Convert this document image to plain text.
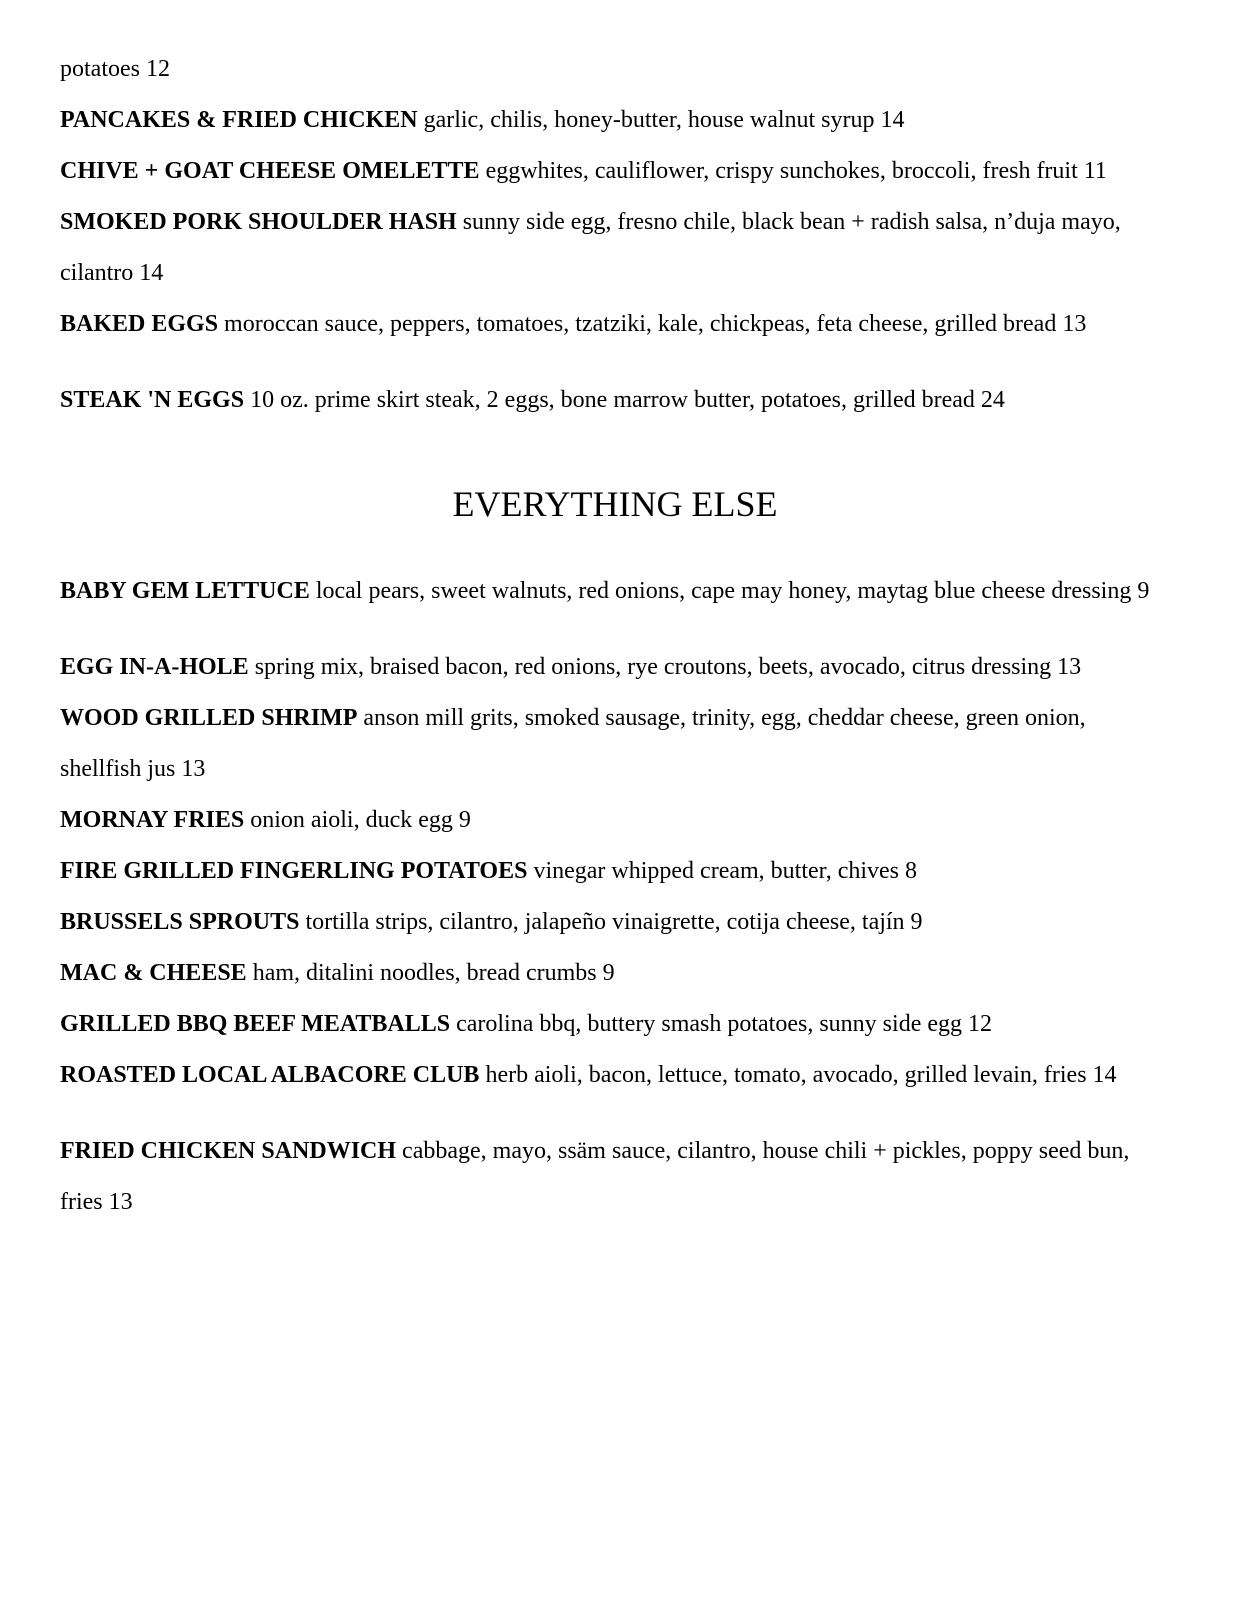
potatoes 12

PANCAKES & FRIED CHICKEN garlic, chilis, honey-butter, house walnut syrup 14

CHIVE + GOAT CHEESE OMELETTE eggwhites, cauliflower, crispy sunchokes, broccoli, fresh fruit 11

SMOKED PORK SHOULDER HASH sunny side egg, fresno chile, black bean + radish salsa, n’duja mayo, cilantro 14

BAKED EGGS moroccan sauce, peppers, tomatoes, tzatziki, kale, chickpeas, feta cheese, grilled bread 13

STEAK 'N EGGS 10 oz. prime skirt steak, 2 eggs, bone marrow butter, potatoes, grilled bread 24

EVERYTHING ELSE

BABY GEM LETTUCE local pears, sweet walnuts, red onions, cape may honey, maytag blue cheese dressing 9

EGG IN-A-HOLE spring mix, braised bacon, red onions, rye croutons, beets, avocado, citrus dressing 13

WOOD GRILLED SHRIMP anson mill grits, smoked sausage, trinity, egg, cheddar cheese, green onion, shellfish jus 13

MORNAY FRIES onion aioli, duck egg 9

FIRE GRILLED FINGERLING POTATOES vinegar whipped cream, butter, chives 8

BRUSSELS SPROUTS tortilla strips, cilantro, jalapeño vinaigrette, cotija cheese, tajín 9

MAC & CHEESE ham, ditalini noodles, bread crumbs 9

GRILLED BBQ BEEF MEATBALLS carolina bbq, buttery smash potatoes, sunny side egg 12

ROASTED LOCAL ALBACORE CLUB herb aioli, bacon, lettuce, tomato, avocado, grilled levain, fries 14

FRIED CHICKEN SANDWICH cabbage, mayo, ssäm sauce, cilantro, house chili + pickles, poppy seed bun, fries 13
